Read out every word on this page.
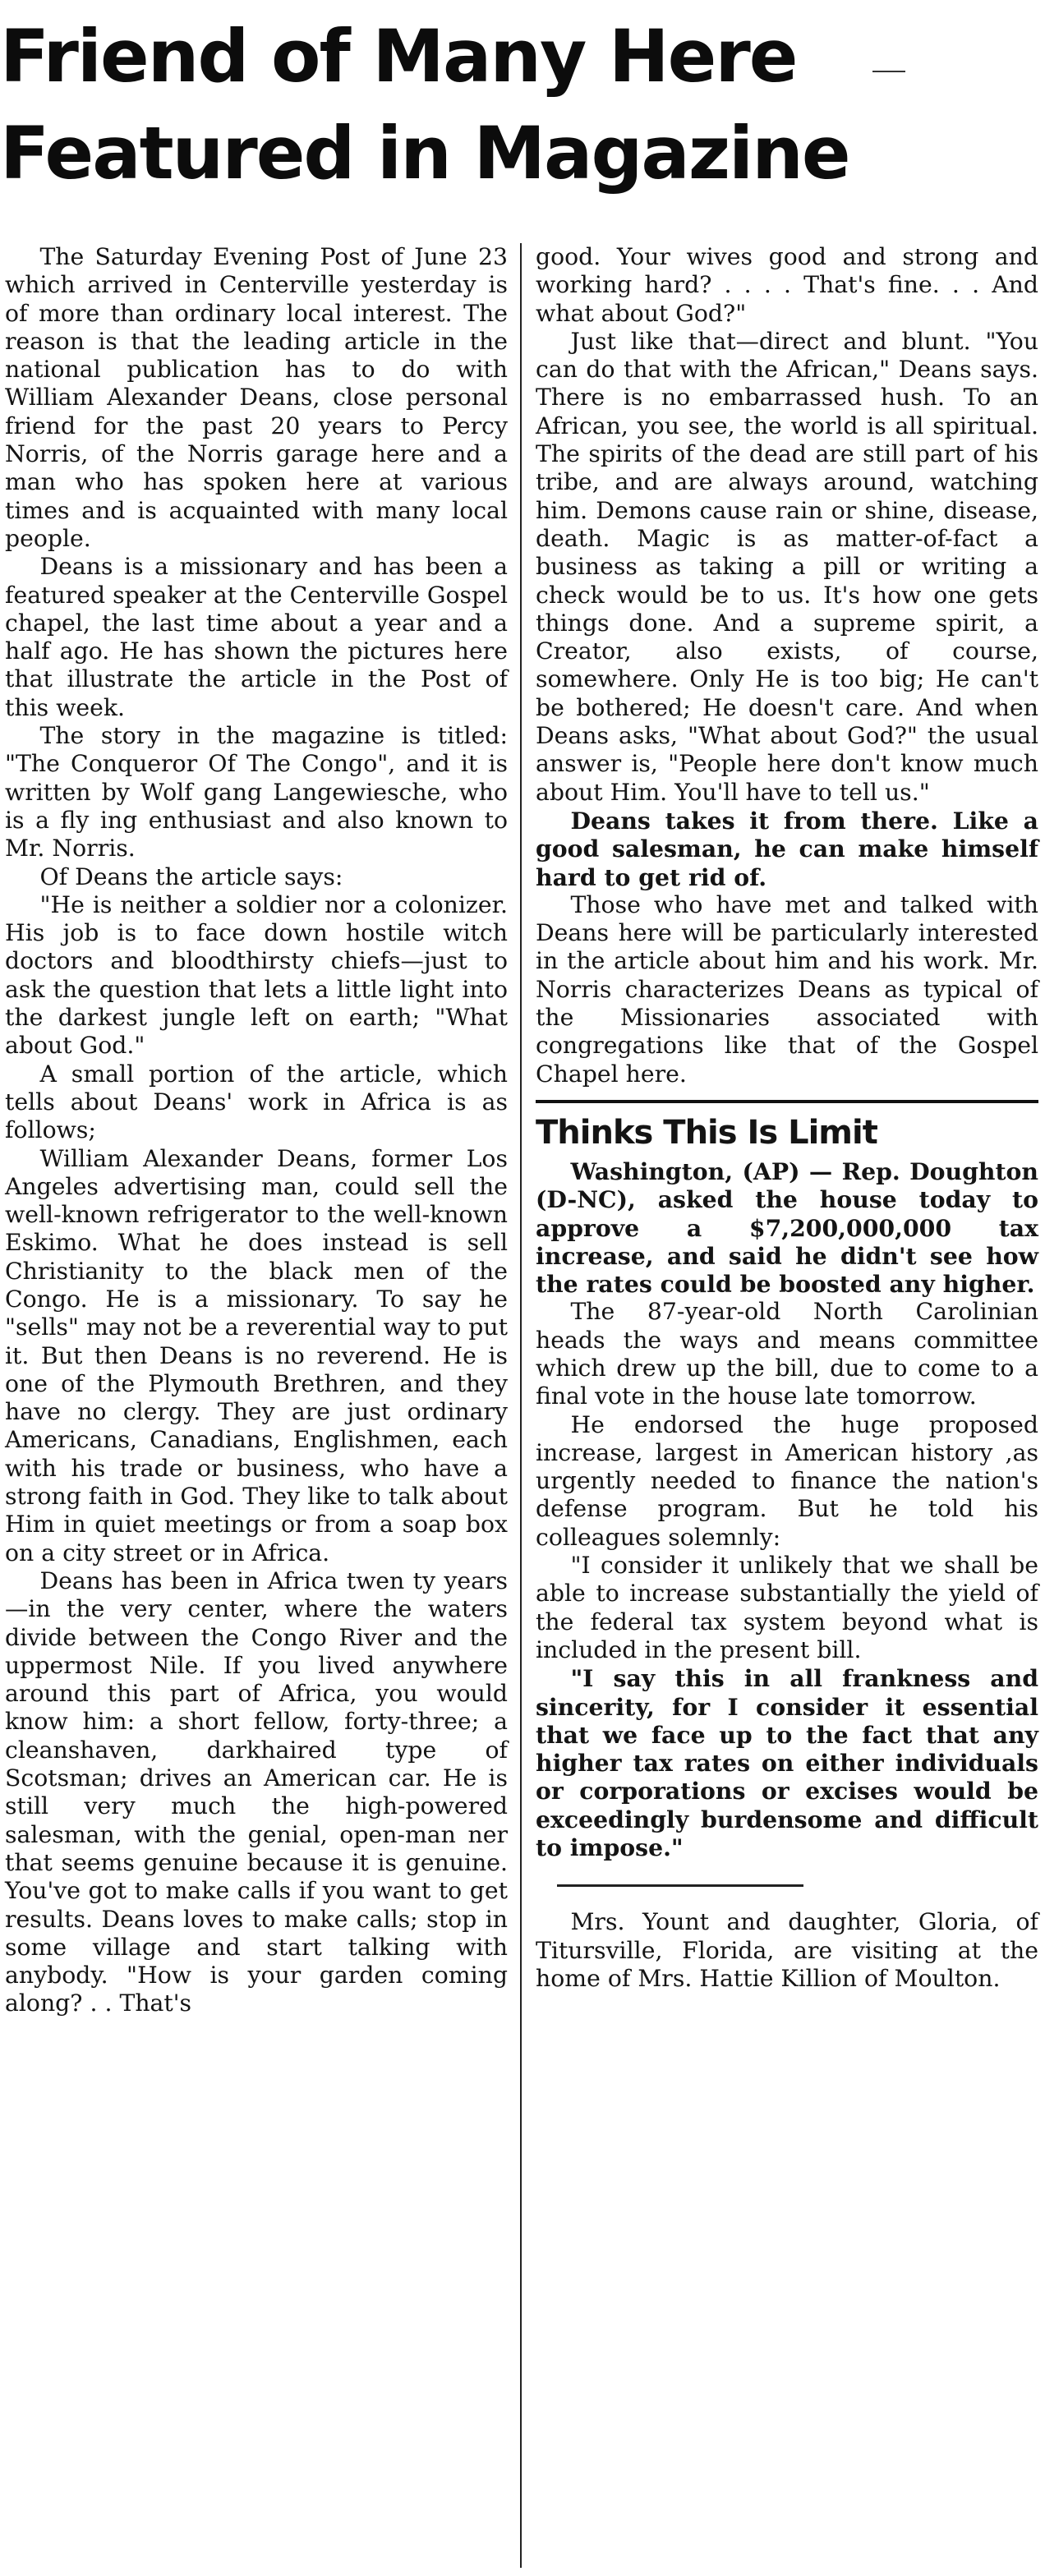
Friend of Many Here
Featured in Magazine

The Saturday Evening Post of June 23 which arrived in Centerville yesterday is of more than ordinary local interest. The reason is that the leading article in the national publication has to do with William Alexander Deans, close personal friend for the past 20 years to Percy Norris, of the Norris garage here and a man who has spoken here at various times and is acquainted with many local people.

Deans is a missionary and has been a featured speaker at the Centerville Gospel chapel, the last time about a year and a half ago. He has shown the pictures here that illustrate the article in the Post of this week.

The story in the magazine is titled: "The Conqueror Of The Congo", and it is written by Wolf gang Langewiesche, who is a fly ing enthusiast and also known to Mr. Norris.

Of Deans the article says:

"He is neither a soldier nor a colonizer. His job is to face down hostile witch doctors and bloodthirsty chiefs—just to ask the question that lets a little light into the darkest jungle left on earth; "What about God."

A small portion of the article, which tells about Deans' work in Africa is as follows;

William Alexander Deans, former Los Angeles advertising man, could sell the well-known refrigerator to the well-known Eskimo. What he does instead is sell Christianity to the black men of the Congo. He is a missionary. To say he "sells" may not be a reverential way to put it. But then Deans is no reverend. He is one of the Plymouth Brethren, and they have no clergy. They are just ordinary Americans, Canadians, Englishmen, each with his trade or business, who have a strong faith in God. They like to talk about Him in quiet meetings or from a soap box on a city street or in Africa.

Deans has been in Africa twen ty years—in the very center, where the waters divide between the Congo River and the uppermost Nile. If you lived anywhere around this part of Africa, you would know him: a short fellow, forty-three; a cleanshaven, darkhaired type of Scotsman; drives an American car. He is still very much the high-powered salesman, with the genial, open-man ner that seems genuine because it is genuine. You've got to make calls if you want to get results. Deans loves to make calls; stop in some village and start talking with anybody. "How is your garden coming along? . . That's

good. Your wives good and strong and working hard? . . . . That's fine. . . And what about God?"

Just like that—direct and blunt. "You can do that with the African," Deans says. There is no embarrassed hush. To an African, you see, the world is all spiritual. The spirits of the dead are still part of his tribe, and are always around, watching him. Demons cause rain or shine, disease, death. Magic is as matter-of-fact a business as taking a pill or writing a check would be to us. It's how one gets things done. And a supreme spirit, a Creator, also exists, of course, somewhere. Only He is too big; He can't be bothered; He doesn't care. And when Deans asks, "What about God?" the usual answer is, "People here don't know much about Him. You'll have to tell us."

Deans takes it from there. Like a good salesman, he can make himself hard to get rid of.

Those who have met and talked with Deans here will be particularly interested in the article about him and his work. Mr. Norris characterizes Deans as typical of the Missionaries associated with congregations like that of the Gospel Chapel here.

Thinks This Is Limit

Washington, (AP) — Rep. Doughton (D-NC), asked the house today to approve a $7,200,000,000 tax increase, and said he didn't see how the rates could be boosted any higher.

The 87-year-old North Carolinian heads the ways and means committee which drew up the bill, due to come to a final vote in the house late tomorrow.

He endorsed the huge proposed increase, largest in American history ,as urgently needed to finance the nation's defense program. But he told his colleagues solemnly:

"I consider it unlikely that we shall be able to increase substantially the yield of the federal tax system beyond what is included in the present bill.

"I say this in all frankness and sincerity, for I consider it essential that we face up to the fact that any higher tax rates on either individuals or corporations or excises would be exceedingly burdensome and difficult to impose."

Mrs. Yount and daughter, Gloria, of Titursville, Florida, are visiting at the home of Mrs. Hattie Killion of Moulton.
